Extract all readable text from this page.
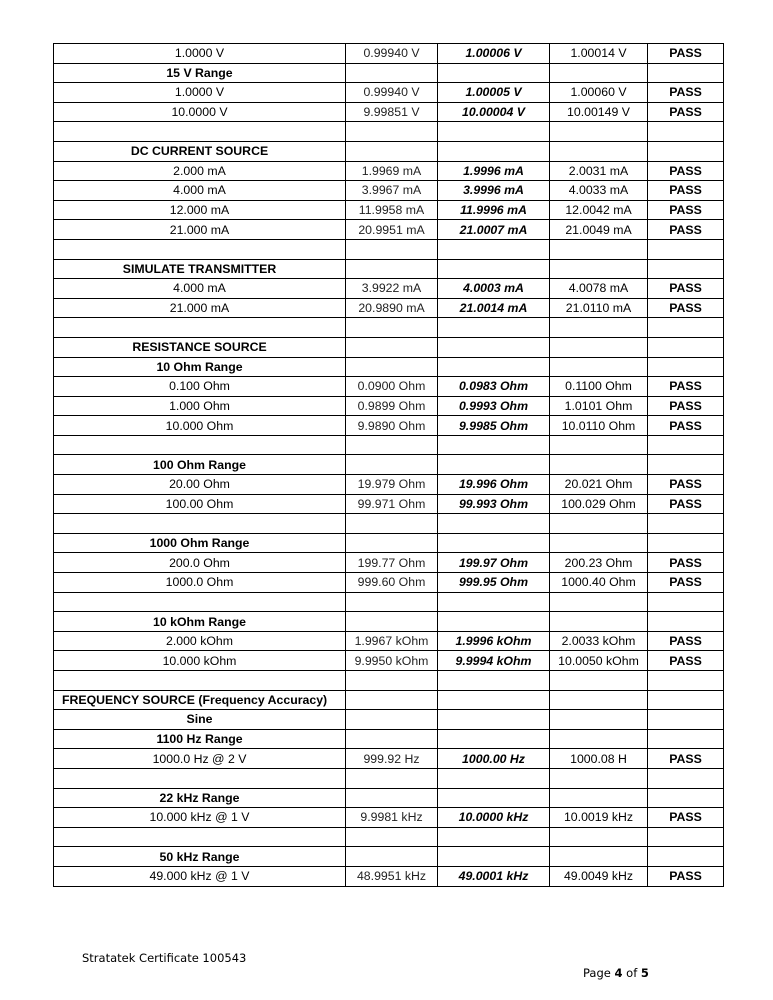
1.0000 V	0.99940 V	1.00006 V	1.00014 V	PASS
15 V Range				
1.0000 V	0.99940 V	1.00005 V	1.00060 V	PASS
10.0000 V	9.99851 V	10.00004 V	10.00149 V	PASS

DC CURRENT SOURCE				
2.000 mA	1.9969 mA	1.9996 mA	2.0031 mA	PASS
4.000 mA	3.9967 mA	3.9996 mA	4.0033 mA	PASS
12.000 mA	11.9958 mA	11.9996 mA	12.0042 mA	PASS
21.000 mA	20.9951 mA	21.0007 mA	21.0049 mA	PASS

SIMULATE TRANSMITTER				
4.000 mA	3.9922 mA	4.0003 mA	4.0078 mA	PASS
21.000 mA	20.9890 mA	21.0014 mA	21.0110 mA	PASS

RESISTANCE SOURCE				
10 Ohm Range				
0.100 Ohm	0.0900 Ohm	0.0983 Ohm	0.1100 Ohm	PASS
1.000 Ohm	0.9899 Ohm	0.9993 Ohm	1.0101 Ohm	PASS
10.000 Ohm	9.9890 Ohm	9.9985 Ohm	10.0110 Ohm	PASS

100 Ohm Range				
20.00 Ohm	19.979 Ohm	19.996 Ohm	20.021 Ohm	PASS
100.00 Ohm	99.971 Ohm	99.993 Ohm	100.029 Ohm	PASS

1000 Ohm Range				
200.0 Ohm	199.77 Ohm	199.97 Ohm	200.23 Ohm	PASS
1000.0 Ohm	999.60 Ohm	999.95 Ohm	1000.40 Ohm	PASS

10 kOhm Range				
2.000 kOhm	1.9967 kOhm	1.9996 kOhm	2.0033 kOhm	PASS
10.000 kOhm	9.9950 kOhm	9.9994 kOhm	10.0050 kOhm	PASS

FREQUENCY SOURCE (Frequency Accuracy)				
Sine				
1100 Hz Range				
1000.0 Hz @ 2 V	999.92 Hz	1000.00 Hz	1000.08 H	PASS

22 kHz Range				
10.000 kHz @ 1 V	9.9981 kHz	10.0000 kHz	10.0019 kHz	PASS

50 kHz Range				
49.000 kHz @ 1 V	48.9951 kHz	49.0001 kHz	49.0049 kHz	PASS
Stratatek Certificate 100543
Page 4 of 5
